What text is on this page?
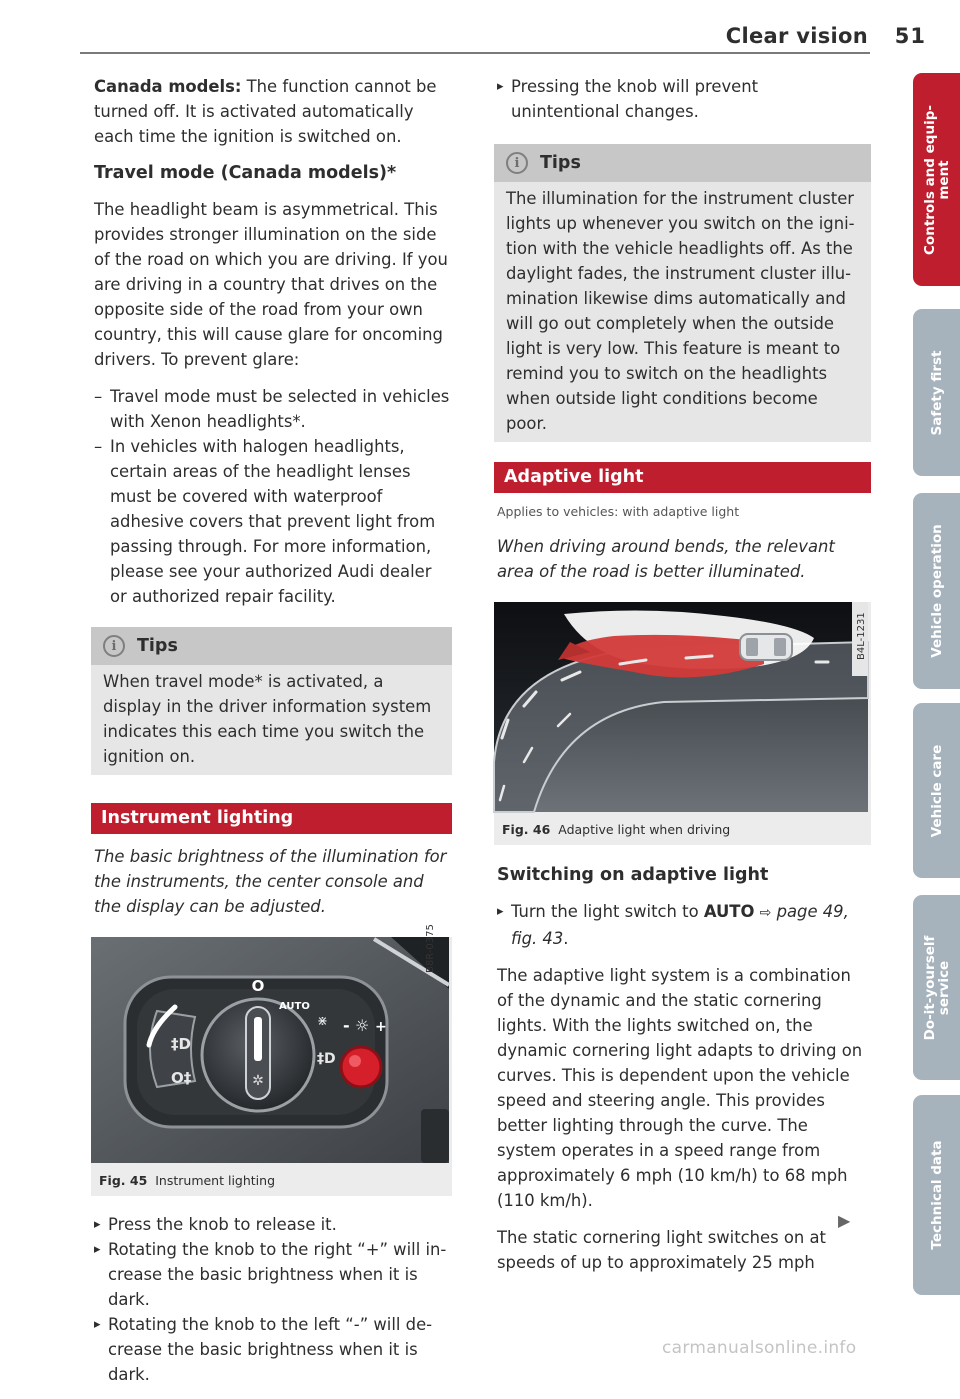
Clear vision 51

Canada models: The function cannot be turned off. It is activated automatically each time the ignition is switched on.

Travel mode (Canada models)*

The headlight beam is asymmetrical. This provides stronger illumination on the side of the road on which you are driving. If you are driving in a country that drives on the opposite side of the road from your own country, this will cause glare for oncoming drivers. To prevent glare:

– Travel mode must be selected in vehicles with Xenon headlights*.
– In vehicles with halogen headlights, certain areas of the headlight lenses must be covered with waterproof adhesive covers that prevent light from passing through. For more information, please see your authorized Audi dealer or authorized repair facility.
i	Tips
When travel mode* is activated, a display in the driver information system indicates this each time you switch the ignition on.
Instrument lighting

The basic brightness of the illumination for the instruments, the center console and the display can be adjusted.

‡D
O‡	✲
O
AUTO
⋇
‡D
- ☼ +
B8R-0375
Fig. 45 Instrument lighting
▸ Press the knob to release it.
▸ Rotating the knob to the right “+” will increase the basic brightness when it is dark.
▸ Rotating the knob to the left “-” will decrease the basic brightness when it is dark.
▸ Pressing the knob will prevent unintentional changes.
i	Tips
The illumination for the instrument cluster lights up whenever you switch on the ignition with the vehicle headlights off. As the daylight fades, the instrument cluster illumination likewise dims automatically and will go out completely when the outside light is very low. This feature is meant to remind you to switch on the headlights when outside light conditions become poor.
Adaptive light
Applies to vehicles: with adaptive light

When driving around bends, the relevant area of the road is better illuminated.

B4L-1231
Fig. 46 Adaptive light when driving
Switching on adaptive light
▸ Turn the light switch to AUTO ⇨ page 49, fig. 43.

The adaptive light system is a combination of the dynamic and the static cornering lights. With the lights switched on, the dynamic cornering light adapts to driving on curves. This is dependent upon the vehicle speed and steering angle. This provides better lighting through the curve. The system operates in a speed range from approximately 6 mph (10 km/h) to 68 mph (110 km/h).

The static cornering light switches on at speeds of up to approximately 25 mph

▶
Controls and equip-
ment
Safety first
Vehicle operation
Vehicle care
Do-it-yourself
service
Technical data
carmanualsonline.info
